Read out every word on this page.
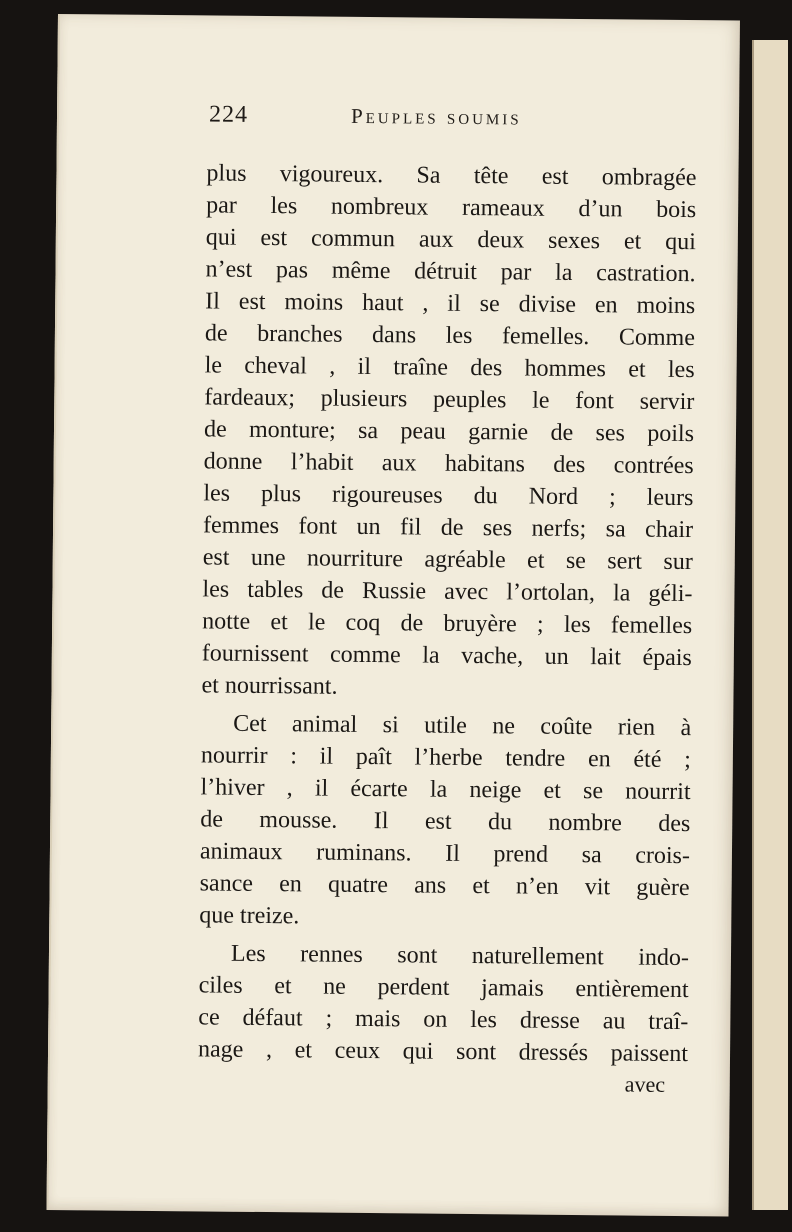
224	Peuples soumis
plus vigoureux. Sa tête est ombragée
par les nombreux rameaux d’un bois
qui est commun aux deux sexes et qui
n’est pas même détruit par la castration.
Il est moins haut , il se divise en moins
de branches dans les femelles. Comme
le cheval , il traîne des hommes et les
fardeaux; plusieurs peuples le font servir
de monture; sa peau garnie de ses poils
donne l’habit aux habitans des contrées
les plus rigoureuses du Nord ; leurs
femmes font un fil de ses nerfs; sa chair
est une nourriture agréable et se sert sur
les tables de Russie avec l’ortolan, la géli-
notte et le coq de bruyère ; les femelles
fournissent comme la vache, un lait épais
et nourrissant.
Cet animal si utile ne coûte rien à
nourrir : il paît l’herbe tendre en été ;
l’hiver , il écarte la neige et se nourrit
de mousse. Il est du nombre des
animaux ruminans. Il prend sa crois-
sance en quatre ans et n’en vit guère
que treize.
Les rennes sont naturellement indo-
ciles et ne perdent jamais entièrement
ce défaut ; mais on les dresse au traî-
nage , et ceux qui sont dressés paissent
avec
